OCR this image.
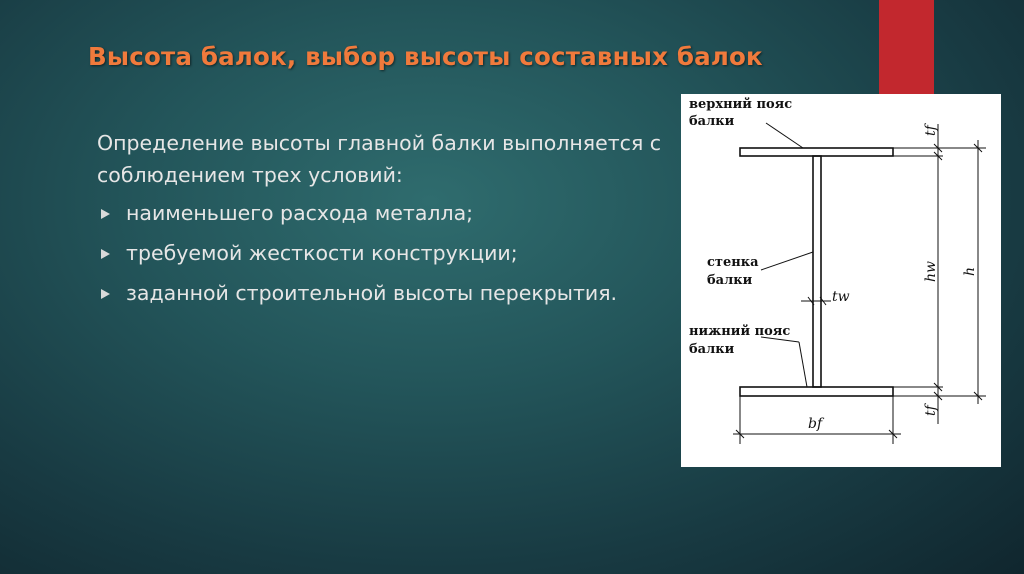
Высота балок, выбор высоты составных балок

Определение высоты главной балки выполняется с соблюдением трех условий:

наименьшего расхода металла;
требуемой жесткости конструкции;
заданной строительной высоты перекрытия.
верхний пояс
балки
стенка
балки
нижний пояс
балки
tw
bf
tf
tf
hw h
